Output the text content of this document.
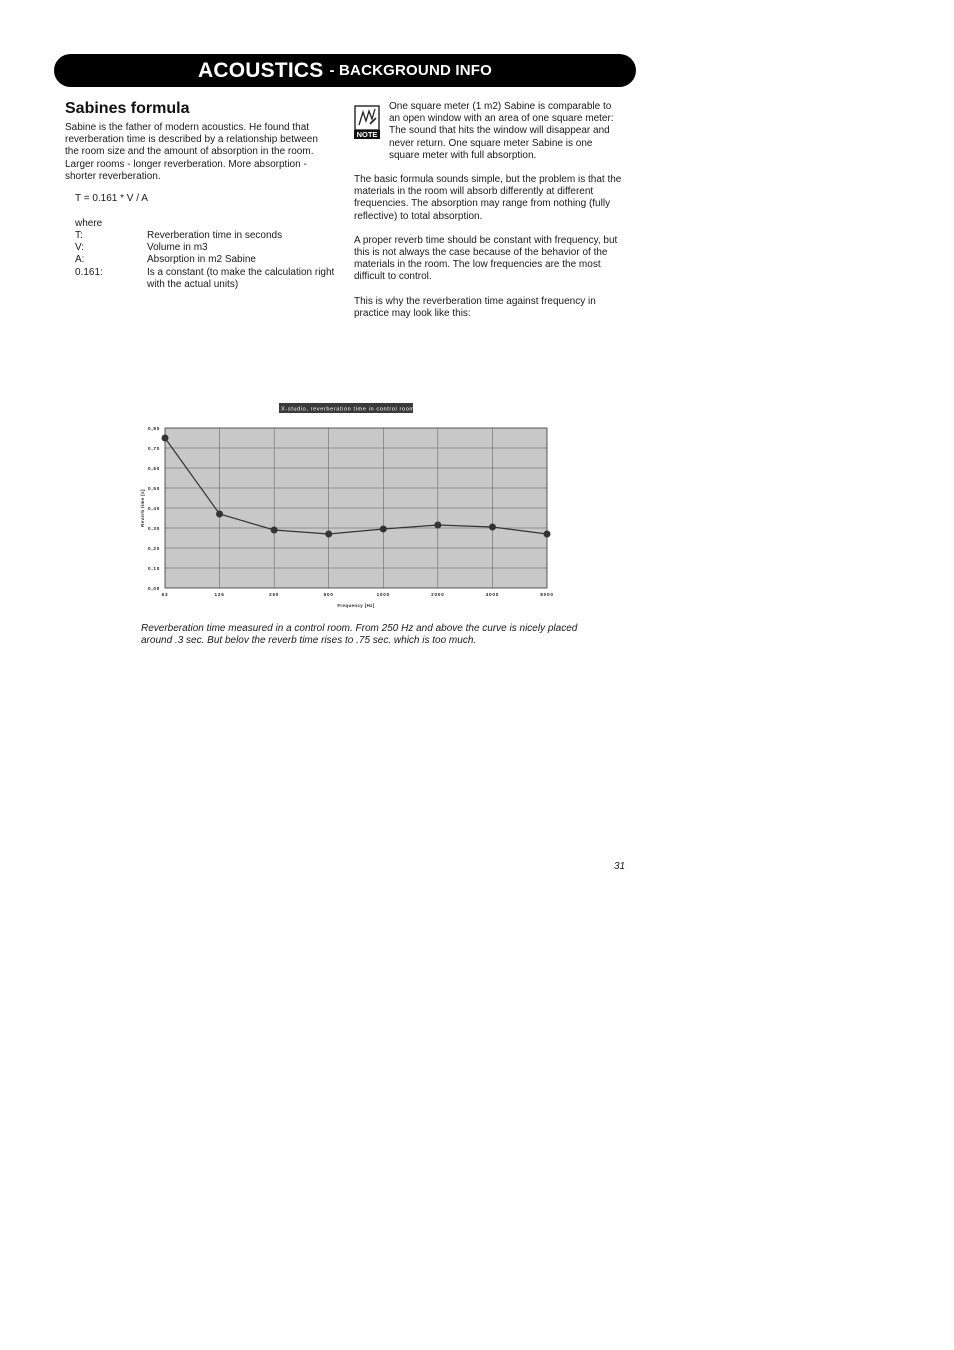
ACOUSTICS - BACKGROUND INFO
Sabines formula

Sabine is the father of modern acoustics. He found that reverberation time is described by a relationship between the room size and the amount of absorption in the room. Larger rooms - longer reverberation. More absorption - shorter reverberation.

T = 0.161 * V / A
where
T:	Reverberation time in seconds
V:	Volume in m3
A:	Absorption in m2 Sabine
0.161:	Is a constant (to make the calculation right with the actual units)
NOTE
One square meter (1 m2) Sabine is comparable to an open window with an area of one square meter: The sound that hits the window will disappear and never return. One square meter Sabine is one square meter with full absorption.

The basic formula sounds simple, but the problem is that the materials in the room will absorb differently at different frequencies. The absorption may range from nothing (fully reflective) to total absorption.

A proper reverb time should be constant with frequency, but this is not always the case because of the behavior of the materials in the room. The low frequencies are the most difficult to control.

This is why the reverberation time against frequency in practice may look like this:

X-studio, reverberation time in control room.
0,00
0,10
0,20
0,30
0,40
0,50
0,60
0,70
0,80
63	125	250	500	1000	2000	4000	8000
Frequency [Hz]
Reverb time [s]
Reverberation time measured in a control room. From 250 Hz and above the curve is nicely placed around .3 sec. But belov the reverb time rises to .75 sec. which is too much.
31
